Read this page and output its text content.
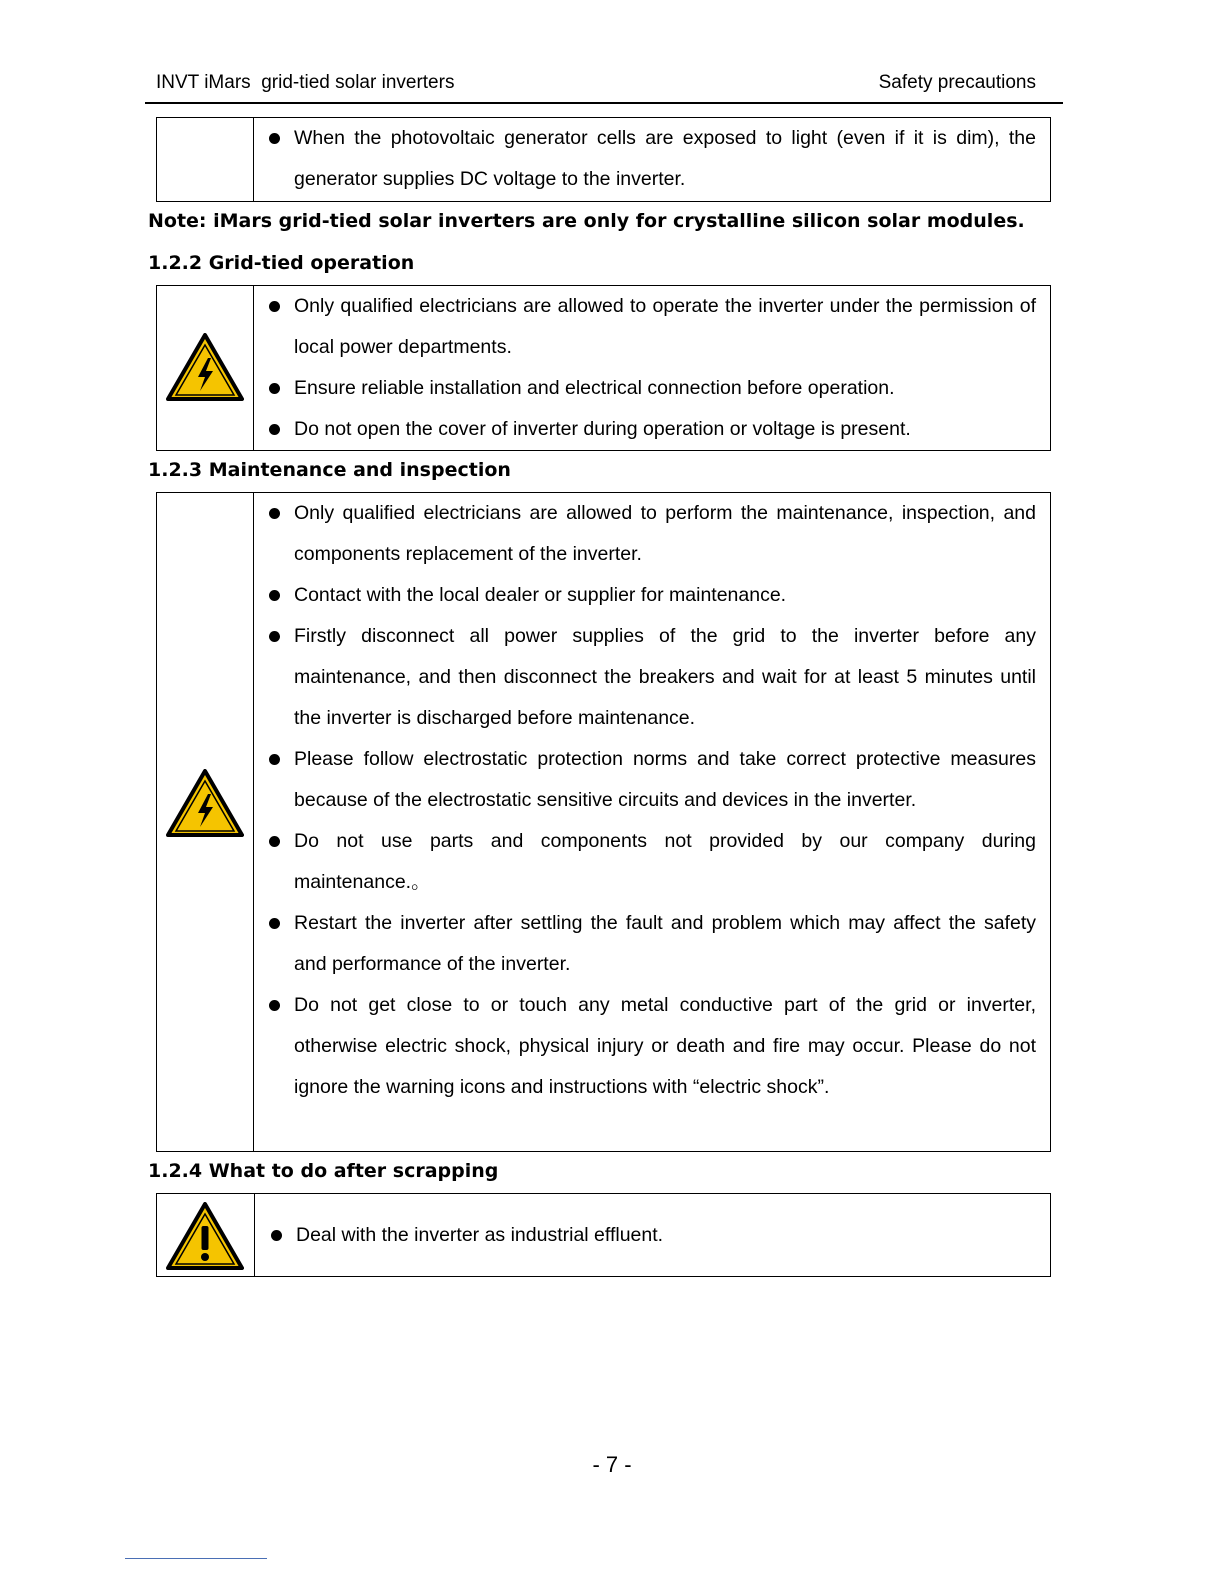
INVT iMars  grid-tied solar inverters	Safety precautions
When the photovoltaic generator cells are exposed to light (even if it is dim), the generator supplies DC voltage to the inverter.
Note: iMars grid-tied solar inverters are only for crystalline silicon solar modules.
1.2.2 Grid-tied operation
Only qualified electricians are allowed to operate the inverter under the permission of local power departments.
Ensure reliable installation and electrical connection before operation.
Do not open the cover of inverter during operation or voltage is present.
1.2.3 Maintenance and inspection
Only qualified electricians are allowed to perform the maintenance, inspection, and components replacement of the inverter.
Contact with the local dealer or supplier for maintenance.
Firstly disconnect all power supplies of the grid to the inverter before any maintenance, and then disconnect the breakers and wait for at least 5 minutes until the inverter is discharged before maintenance.
Please follow electrostatic protection norms and take correct protective measures because of the electrostatic sensitive circuits and devices in the inverter.
Do not use parts and components not provided by our company during maintenance.。
Restart the inverter after settling the fault and problem which may affect the safety and performance of the inverter.
Do not get close to or touch any metal conductive part of the grid or inverter, otherwise electric shock, physical injury or death and fire may occur. Please do not ignore the warning icons and instructions with “electric shock”.
1.2.4 What to do after scrapping
Deal with the inverter as industrial effluent.
- 7 -
